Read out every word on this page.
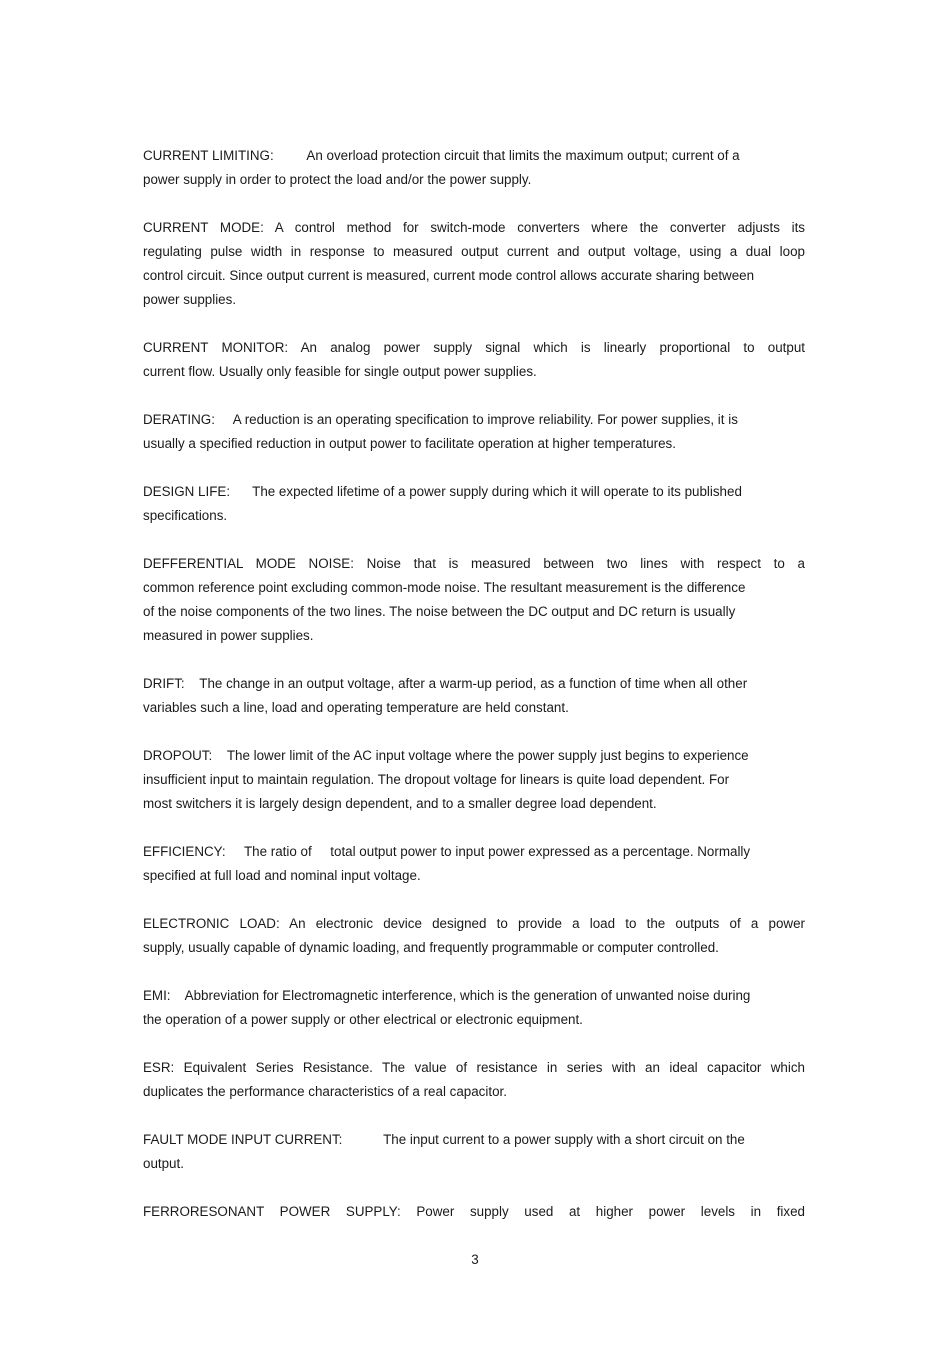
CURRENT LIMITING:         An overload protection circuit that limits the maximum output; current of a
power supply in order to protect the load and/or the power supply.
CURRENT MODE: A control method for switch-mode converters where the converter adjusts its
regulating pulse width in response to measured output current and output voltage, using a dual loop
control circuit. Since output current is measured, current mode control allows accurate sharing between
power supplies.
CURRENT MONITOR: An analog power supply signal which is linearly proportional to output
current flow. Usually only feasible for single output power supplies.
DERATING:     A reduction is an operating specification to improve reliability. For power supplies, it is
usually a specified reduction in output power to facilitate operation at higher temperatures.
DESIGN LIFE:      The expected lifetime of a power supply during which it will operate to its published
specifications.
DEFFERENTIAL MODE NOISE: Noise that is measured between two lines with respect to a
common reference point excluding common-mode noise. The resultant measurement is the difference
of the noise components of the two lines. The noise between the DC output and DC return is usually
measured in power supplies.
DRIFT:    The change in an output voltage, after a warm-up period, as a function of time when all other
variables such a line, load and operating temperature are held constant.
DROPOUT:    The lower limit of the AC input voltage where the power supply just begins to experience
insufficient input to maintain regulation. The dropout voltage for linears is quite load dependent. For
most switchers it is largely design dependent, and to a smaller degree load dependent.
EFFICIENCY:     The ratio of     total output power to input power expressed as a percentage. Normally
specified at full load and nominal input voltage.
ELECTRONIC LOAD: An electronic device designed to provide a load to the outputs of a power
supply, usually capable of dynamic loading, and frequently programmable or computer controlled.
EMI:    Abbreviation for Electromagnetic interference, which is the generation of unwanted noise during
the operation of a power supply or other electrical or electronic equipment.
ESR: Equivalent Series Resistance. The value of resistance in series with an ideal capacitor which
duplicates the performance characteristics of a real capacitor.
FAULT MODE INPUT CURRENT:           The input current to a power supply with a short circuit on the
output.
FERRORESONANT POWER SUPPLY: Power supply used at higher power levels in fixed
3
